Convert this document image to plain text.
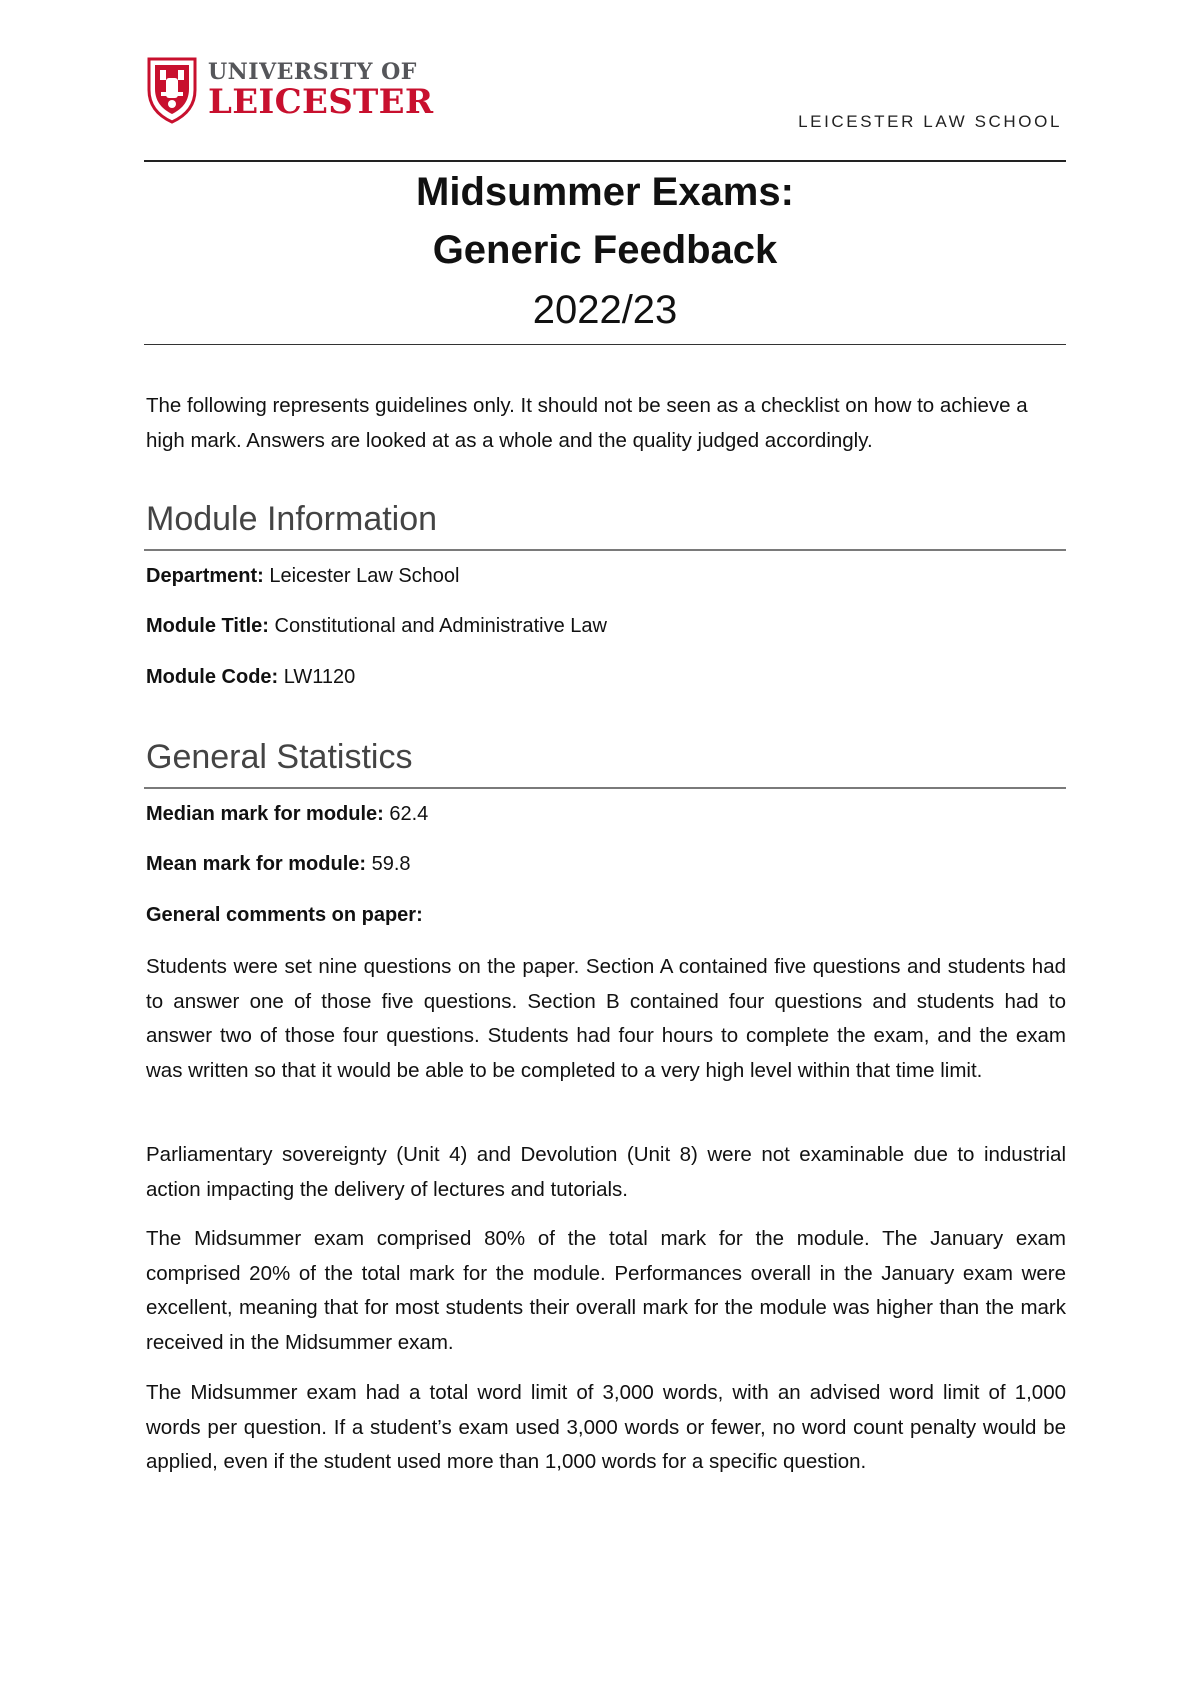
UNIVERSITY OF
LEICESTER	LEICESTER LAW SCHOOL
Midsummer Exams:
Generic Feedback
2022/23
The following represents guidelines only. It should not be seen as a checklist on how to achieve a high mark. Answers are looked at as a whole and the quality judged accordingly.
Module Information
Department: Leicester Law School
Module Title: Constitutional and Administrative Law
Module Code: LW1120
General Statistics
Median mark for module: 62.4
Mean mark for module: 59.8
General comments on paper:
Students were set nine questions on the paper. Section A contained five questions and students had to answer one of those five questions. Section B contained four questions and students had to answer two of those four questions. Students had four hours to complete the exam, and the exam was written so that it would be able to be completed to a very high level within that time limit.
Parliamentary sovereignty (Unit 4) and Devolution (Unit 8) were not examinable due to industrial action impacting the delivery of lectures and tutorials.
The Midsummer exam comprised 80% of the total mark for the module. The January exam comprised 20% of the total mark for the module. Performances overall in the January exam were excellent, meaning that for most students their overall mark for the module was higher than the mark received in the Midsummer exam.
The Midsummer exam had a total word limit of 3,000 words, with an advised word limit of 1,000 words per question. If a student’s exam used 3,000 words or fewer, no word count penalty would be applied, even if the student used more than 1,000 words for a specific question.
